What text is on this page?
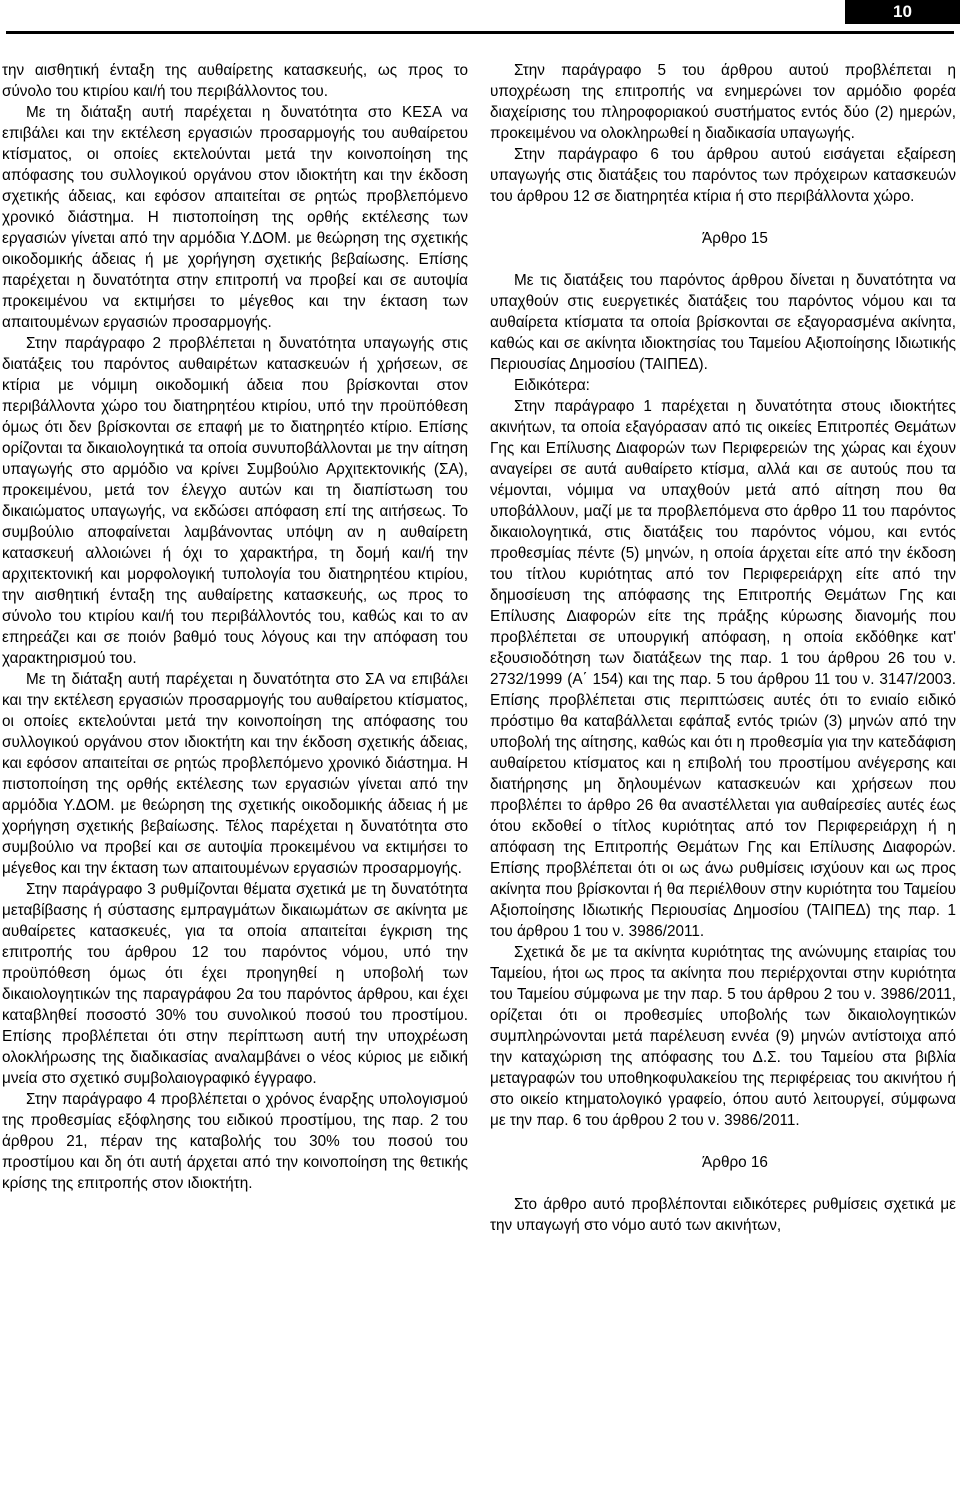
10

την αισθητική ένταξη της αυθαίρετης κατασκευής, ως προς το σύνολο του κτιρίου και/ή του περιβάλλοντος του.

Με τη διάταξη αυτή παρέχεται η δυνατότητα στο ΚΕΣΑ να επιβάλει και την εκτέλεση εργασιών προσαρμογής του αυθαίρετου κτίσματος, οι οποίες εκτελούνται μετά την κοινοποίηση της απόφασης του συλλογικού οργάνου στον ιδιοκτήτη και την έκδοση σχετικής άδειας, και εφόσον απαιτείται σε ρητώς προβλεπόμενο χρονικό διάστημα. Η πιστοποίηση της ορθής εκτέλεσης των εργασιών γίνεται από την αρμόδια Υ.ΔΟΜ. με θεώρηση της σχετικής οικοδομικής άδειας ή με χορήγηση σχετικής βεβαίωσης. Επίσης παρέχεται η δυνατότητα στην επιτροπή να προβεί και σε αυτοψία προκειμένου να εκτιμήσει το μέγεθος και την έκταση των απαιτουμένων εργασιών προσαρμογής.

Στην παράγραφο 2 προβλέπεται η δυνατότητα υπαγωγής στις διατάξεις του παρόντος αυθαιρέτων κατασκευών ή χρήσεων, σε κτίρια με νόμιμη οικοδομική άδεια που βρίσκονται στον περιβάλλοντα χώρο του διατηρητέου κτιρίου, υπό την προϋπόθεση όμως ότι δεν βρίσκονται σε επαφή με το διατηρητέο κτίριο. Επίσης ορίζονται τα δικαιολογητικά τα οποία συνυποβάλλονται με την αίτηση υπαγωγής στο αρμόδιο να κρίνει Συμβούλιο Αρχιτεκτονικής (ΣΑ), προκειμένου, μετά τον έλεγχο αυτών και τη διαπίστωση του δικαιώματος υπαγωγής, να εκδώσει απόφαση επί της αιτήσεως. Το συμβούλιο αποφαίνεται λαμβάνοντας υπόψη αν η αυθαίρετη κατασκευή αλλοιώνει ή όχι το χαρακτήρα, τη δομή και/ή την αρχιτεκτονική και μορφολογική τυπολογία του διατηρητέου κτιρίου, την αισθητική ένταξη της αυθαίρετης κατασκευής, ως προς το σύνολο του κτιρίου και/ή του περιβάλλοντός του, καθώς και το αν επηρεάζει και σε ποιόν βαθμό τους λόγους και την απόφαση του χαρακτηρισμού του.

Με τη διάταξη αυτή παρέχεται η δυνατότητα στο ΣΑ να επιβάλει και την εκτέλεση εργασιών προσαρμογής του αυθαίρετου κτίσματος, οι οποίες εκτελούνται μετά την κοινοποίηση της απόφασης του συλλογικού οργάνου στον ιδιοκτήτη και την έκδοση σχετικής άδειας, και εφόσον απαιτείται σε ρητώς προβλεπόμενο χρονικό διάστημα. Η πιστοποίηση της ορθής εκτέλεσης των εργασιών γίνεται από την αρμόδια Υ.ΔΟΜ. με θεώρηση της σχετικής οικοδομικής άδειας ή με χορήγηση σχετικής βεβαίωσης. Τέλος παρέχεται η δυνατότητα στο συμβούλιο να προβεί και σε αυτοψία προκειμένου να εκτιμήσει το μέγεθος και την έκταση των απαιτουμένων εργασιών προσαρμογής.

Στην παράγραφο 3 ρυθμίζονται θέματα σχετικά με τη δυνατότητα μεταβίβασης ή σύστασης εμπραγμάτων δικαιωμάτων σε ακίνητα με αυθαίρετες κατασκευές, για τα οποία απαιτείται έγκριση της επιτροπής του άρθρου 12 του παρόντος νόμου, υπό την προϋπόθεση όμως ότι έχει προηγηθεί η υποβολή των δικαιολογητικών της παραγράφου 2α του παρόντος άρθρου, και έχει καταβληθεί ποσοστό 30% του συνολικού ποσού του προστίμου. Επίσης προβλέπεται ότι στην περίπτωση αυτή την υποχρέωση ολοκλήρωσης της διαδικασίας αναλαμβάνει ο νέος κύριος με ειδική μνεία στο σχετικό συμβολαιογραφικό έγγραφο.

Στην παράγραφο 4 προβλέπεται ο χρόνος έναρξης υπολογισμού της προθεσμίας εξόφλησης του ειδικού προστίμου, της παρ. 2 του άρθρου 21, πέραν της καταβολής του 30% του ποσού του προστίμου και δη ότι αυτή άρχεται από την κοινοποίηση της θετικής κρίσης της επιτροπής στον ιδιοκτήτη.

Στην παράγραφο 5 του άρθρου αυτού προβλέπεται η υποχρέωση της επιτροπής να ενημερώνει τον αρμόδιο φορέα διαχείρισης του πληροφοριακού συστήματος εντός δύο (2) ημερών, προκειμένου να ολοκληρωθεί η διαδικασία υπαγωγής.

Στην παράγραφο 6 του άρθρου αυτού εισάγεται εξαίρεση υπαγωγής στις διατάξεις του παρόντος των πρόχειρων κατασκευών του άρθρου 12 σε διατηρητέα κτίρια ή στο περιβάλλοντα χώρο.

Άρθρο 15

Με τις διατάξεις του παρόντος άρθρου δίνεται η δυνατότητα να υπαχθούν στις ευεργετικές διατάξεις του παρόντος νόμου και τα αυθαίρετα κτίσματα τα οποία βρίσκονται σε εξαγορασμένα ακίνητα, καθώς και σε ακίνητα ιδιοκτησίας του Ταμείου Αξιοποίησης Ιδιωτικής Περιουσίας Δημοσίου (ΤΑΙΠΕΔ).

Ειδικότερα:

Στην παράγραφο 1 παρέχεται η δυνατότητα στους ιδιοκτήτες ακινήτων, τα οποία εξαγόρασαν από τις οικείες Επιτροπές Θεμάτων Γης και Επίλυσης Διαφορών των Περιφερειών της χώρας και έχουν αναγείρει σε αυτά αυθαίρετο κτίσμα, αλλά και σε αυτούς που τα νέμονται, νόμιμα να υπαχθούν μετά από αίτηση που θα υποβάλλουν, μαζί με τα προβλεπόμενα στο άρθρο 11 του παρόντος δικαιολογητικά, στις διατάξεις του παρόντος νόμου, και εντός προθεσμίας πέντε (5) μηνών, η οποία άρχεται είτε από την έκδοση του τίτλου κυριότητας από τον Περιφερειάρχη είτε από την δημοσίευση της απόφασης της Επιτροπής Θεμάτων Γης και Επίλυσης Διαφορών είτε της πράξης κύρωσης διανομής που προβλέπεται σε υπουργική απόφαση, η οποία εκδόθηκε κατ' εξουσιοδότηση των διατάξεων της παρ. 1 του άρθρου 26 του ν. 2732/1999 (Α΄ 154) και της παρ. 5 του άρθρου 11 του ν. 3147/2003. Επίσης προβλέπεται στις περιπτώσεις αυτές ότι το ενιαίο ειδικό πρόστιμο θα καταβάλλεται εφάπαξ εντός τριών (3) μηνών από την υποβολή της αίτησης, καθώς και ότι η προθεσμία για την κατεδάφιση αυθαίρετου κτίσματος και η επιβολή του προστίμου ανέγερσης και διατήρησης μη δηλουμένων κατασκευών και χρήσεων που προβλέπει το άρθρο 26 θα αναστέλλεται για αυθαίρεσίες αυτές έως ότου εκδοθεί ο τίτλος κυριότητας από τον Περιφερειάρχη ή η απόφαση της Επιτροπής Θεμάτων Γης και Επίλυσης Διαφορών. Επίσης προβλέπεται ότι οι ως άνω ρυθμίσεις ισχύουν και ως προς ακίνητα που βρίσκονται ή θα περιέλθουν στην κυριότητα του Ταμείου Αξιοποίησης Ιδιωτικής Περιουσίας Δημοσίου (ΤΑΙΠΕΔ) της παρ. 1 του άρθρου 1 του ν. 3986/2011.

Σχετικά δε με τα ακίνητα κυριότητας της ανώνυμης εταιρίας του Ταμείου, ήτοι ως προς τα ακίνητα που περιέρχονται στην κυριότητα του Ταμείου σύμφωνα με την παρ. 5 του άρθρου 2 του ν. 3986/2011, ορίζεται ότι οι προθεσμίες υποβολής των δικαιολογητικών συμπληρώνονται μετά παρέλευση εννέα (9) μηνών αντίστοιχα από την καταχώριση της απόφασης του Δ.Σ. του Ταμείου στα βιβλία μεταγραφών του υποθηκοφυλακείου της περιφέρειας του ακινήτου ή στο οικείο κτηματολογικό γραφείο, όπου αυτό λειτουργεί, σύμφωνα με την παρ. 6 του άρθρου 2 του ν. 3986/2011.

Άρθρο 16

Στο άρθρο αυτό προβλέπονται ειδικότερες ρυθμίσεις σχετικά με την υπαγωγή στο νόμο αυτό των ακινήτων,
